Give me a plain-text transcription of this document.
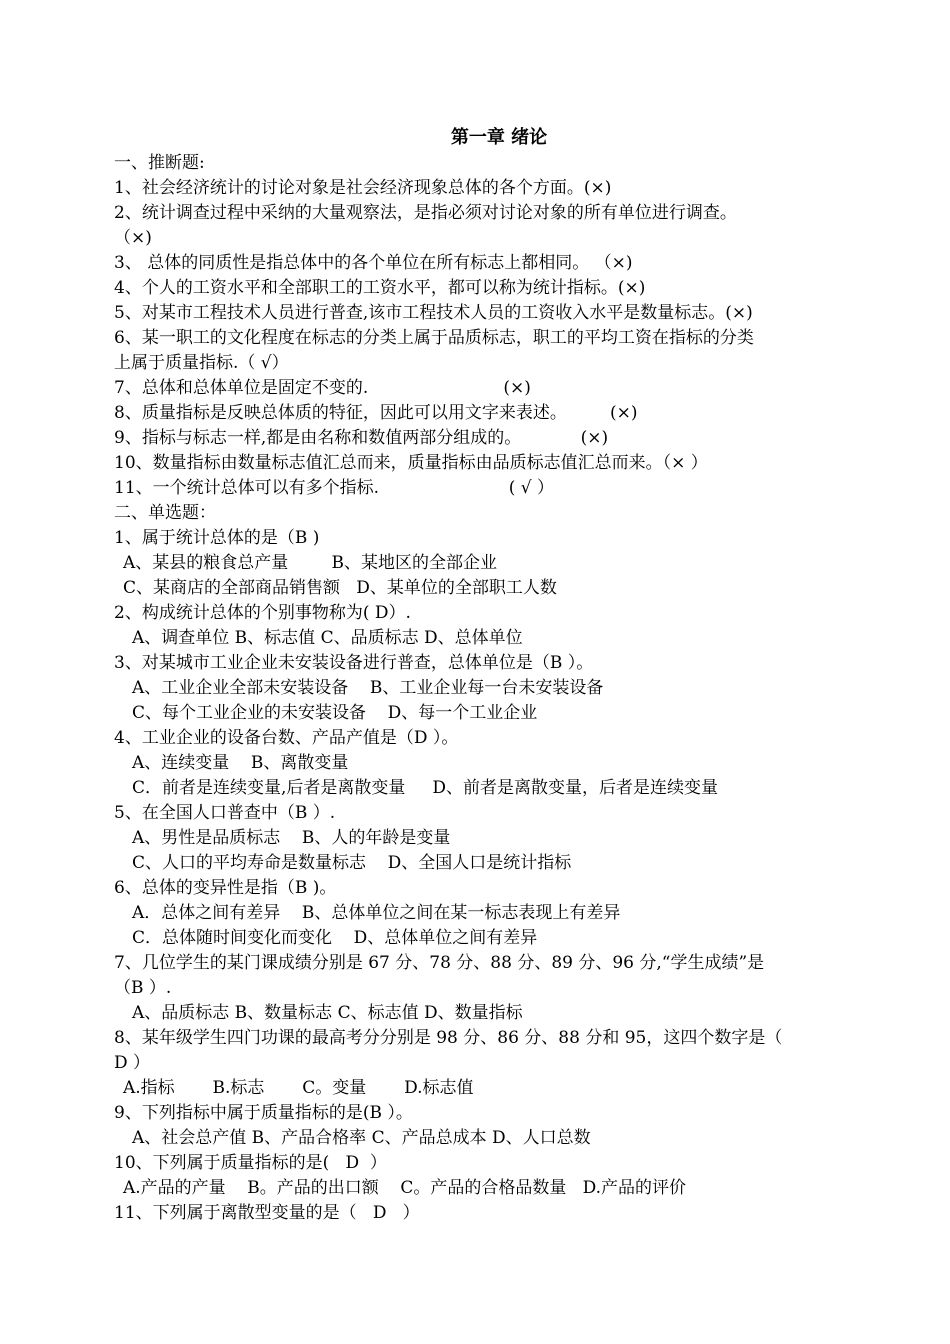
第一章 绪论
一、推断题:
1、社会经济统计的讨论对象是社会经济现象总体的各个方面。(×)
2、统计调查过程中采纳的大量观察法，是指必须对讨论对象的所有单位进行调查。
（×)
3、 总体的同质性是指总体中的各个单位在所有标志上都相同。 （×)
4、个人的工资水平和全部职工的工资水平，都可以称为统计指标。(×)
5、对某市工程技术人员进行普查,该市工程技术人员的工资收入水平是数量标志。(×)
6、某一职工的文化程度在标志的分类上属于品质标志，职工的平均工资在指标的分类
上属于质量指标.（ √）
7、总体和总体单位是固定不变的.                         (×)
8、质量指标是反映总体质的特征，因此可以用文字来表述。        (×)
9、指标与标志一样,都是由名称和数值两部分组成的。           (×)
10、数量指标由数量标志值汇总而来，质量指标由品质标志值汇总而来。（× ）
11、一个统计总体可以有多个指标.                        ( √ ）
二、单选题：
1、属于统计总体的是（B )
A、某县的粮食总产量        B、某地区的全部企业
C、某商店的全部商品销售额   D、某单位的全部职工人数
2、构成统计总体的个别事物称为( D）.
A、调查单位 B、标志值 C、品质标志 D、总体单位
3、对某城市工业企业未安装设备进行普查，总体单位是（B ）。
A、工业企业全部未安装设备    B、工业企业每一台未安装设备
C、每个工业企业的未安装设备    D、每一个工业企业
4、工业企业的设备台数、产品产值是（D ）。
A、连续变量    B、离散变量
C．前者是连续变量,后者是离散变量     D、前者是离散变量，后者是连续变量
5、在全国人口普查中（B ）.
A、男性是品质标志    B、人的年龄是变量
C、人口的平均寿命是数量标志    D、全国人口是统计指标
6、总体的变异性是指（B )。
A．总体之间有差异    B、总体单位之间在某一标志表现上有差异
C．总体随时间变化而变化    D、总体单位之间有差异
7、几位学生的某门课成绩分别是 67 分、78 分、88 分、89 分、96 分,“学生成绩”是
（B ）.
A、品质标志 B、数量标志 C、标志值 D、数量指标
8、某年级学生四门功课的最高考分分别是 98 分、86 分、88 分和 95，这四个数字是（
D ）
A.指标       B.标志       C。变量       D.标志值
9、下列指标中属于质量指标的是(B ）。
A、社会总产值 B、产品合格率 C、产品总成本 D、人口总数
10、下列属于质量指标的是(   D  ）
A.产品的产量    B。产品的出口额    C。产品的合格品数量   D.产品的评价
11、下列属于离散型变量的是（   D   ）
